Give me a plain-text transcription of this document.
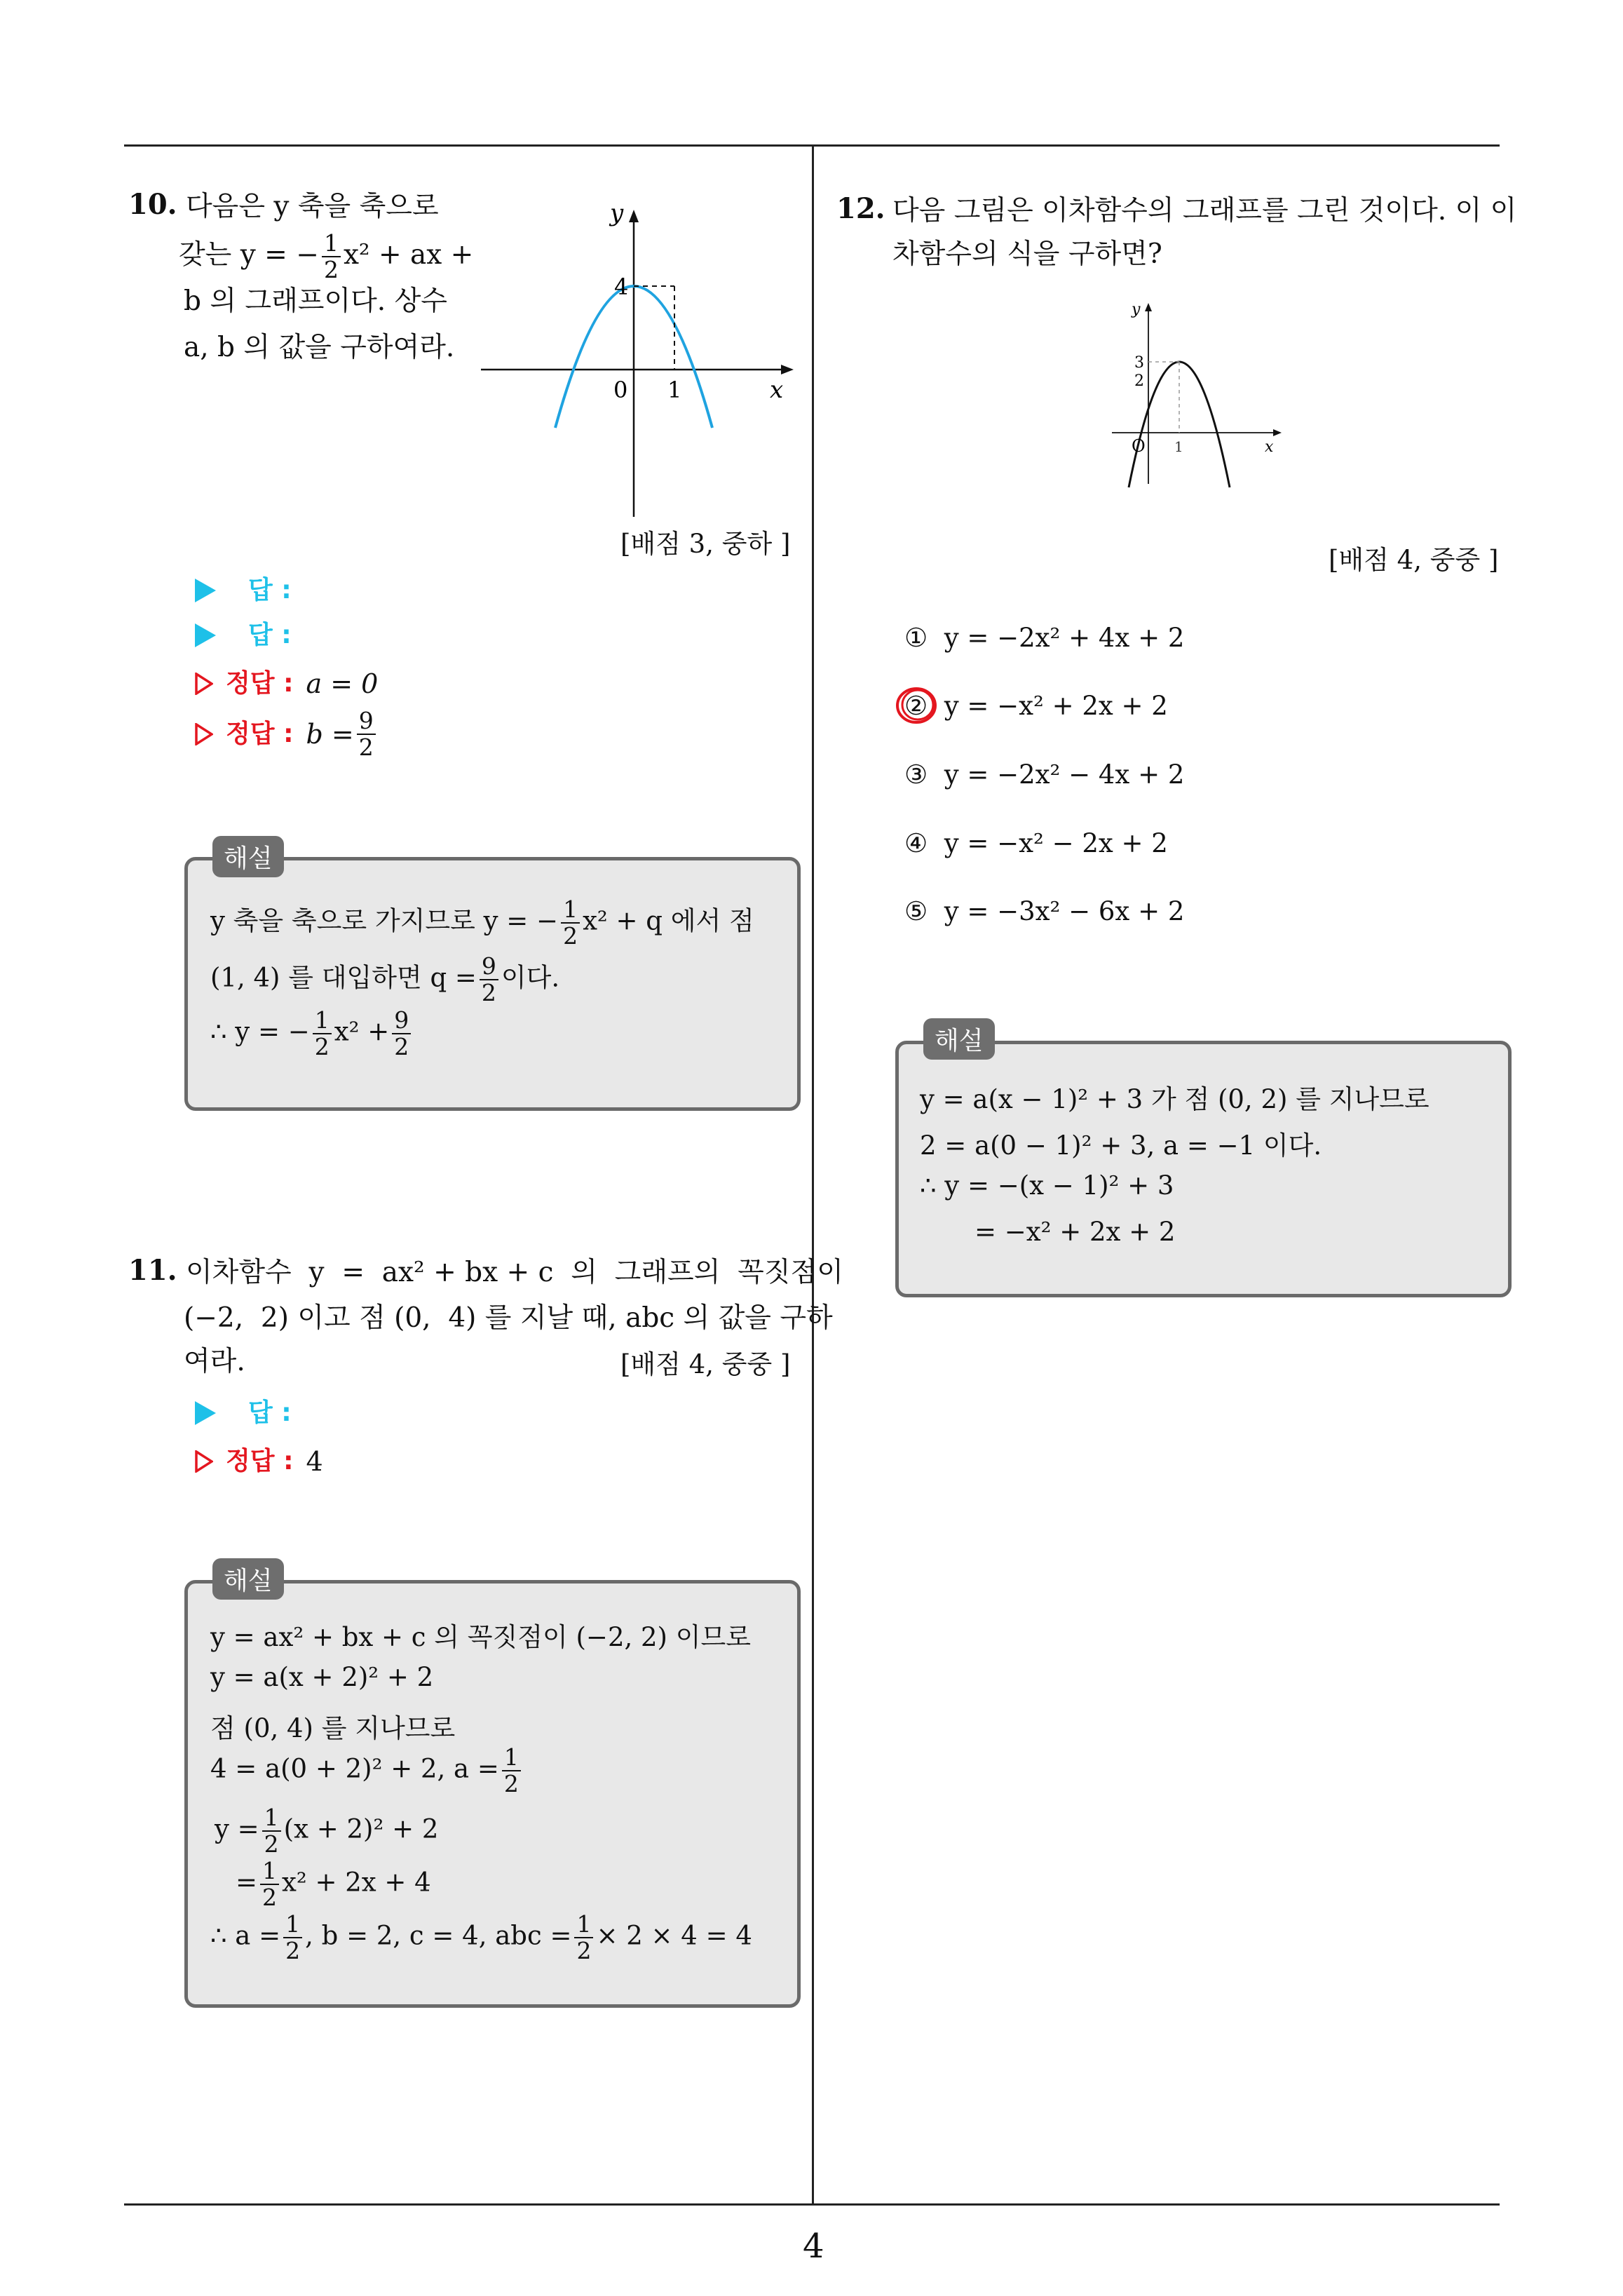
10. 다음은 y 축을 축으로
갖는 y = − $\frac{1}{2} x^2$ + ax +
b 의 그래프이다. 상수
a, b 의 값을 구하여라.
y
x
0 1
4
[배점 3, 중하 ]
답 :
답 :
정답 : a = 0
정답 : $b = \frac{9}{2}$
y 축을 축으로 가지므로 y = − $\frac{1}{2} x^2 + q$ 에서 점
(1, 4) 를 대입하면 $q = \frac{9}{2}$ 이다.
∴ y = − $\frac{1}{2} x^2 + \frac{9}{2}$
해설
11. 이차함수  y  =  ax² + bx + c  의  그래프의  꼭짓점이
(−2,  2) 이고 점 (0,  4) 를 지날 때, abc 의 값을 구하
여라.	[배점 4, 중중 ]
답 :
정답 : 4
y = ax² + bx + c 의 꼭짓점이 (−2, 2) 이므로
y = a(x + 2)² + 2
점 (0, 4) 를 지나므로
4 = a(0 + 2)² + 2, $a = \frac{1}{2}$
$y = \frac{1}{2} (x + 2)^2 + 2$
= $\frac{1}{2} x^2 + 2x + 4$
∴ $a = \frac{1}{2}$ , b = 2, c = 4, abc = $\frac{1}{2} \times 2 \times 4 = 4$
해설
12. 다음 그림은 이차함수의 그래프를 그린 것이다. 이 이
차함수의 식을 구하면?
y
x
O 1
3
2
[배점 4, 중중 ]
① y = −2x² + 4x + 2
② y = −x² + 2x + 2
③ y = −2x² − 4x + 2
④ y = −x² − 2x + 2
⑤ y = −3x² − 6x + 2
y = a(x − 1)² + 3 가 점 (0, 2) 를 지나므로
2 = a(0 − 1)² + 3, a = −1 이다.
∴ y = −(x − 1)² + 3
= −x² + 2x + 2
해설
4
